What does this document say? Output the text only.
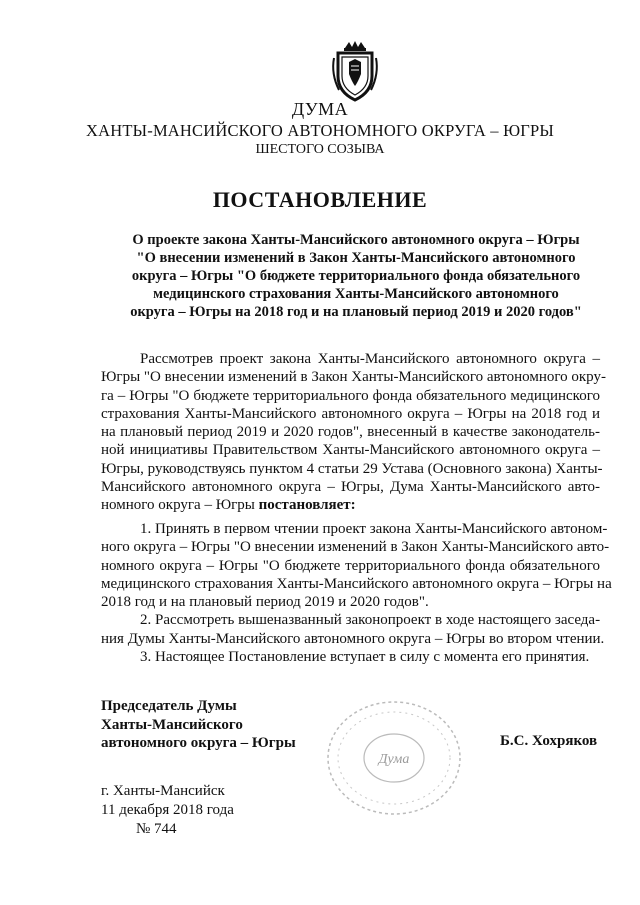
ДУМА
ХАНТЫ-МАНСИЙСКОГО АВТОНОМНОГО ОКРУГА – ЮГРЫ
ШЕСТОГО СОЗЫВА
ПОСТАНОВЛЕНИЕ
О проекте закона Ханты-Мансийского автономного округа – Югры
"О внесении изменений в Закон Ханты-Мансийского автономного
округа – Югры "О бюджете территориального фонда обязательного
медицинского страхования Ханты-Мансийского автономного
округа – Югры на 2018 год и на плановый период 2019 и 2020 годов"
Рассмотрев проект закона Ханты-Мансийского автономного округа –
Югры "О внесении изменений в Закон Ханты-Мансийского автономного окру-
га – Югры "О бюджете территориального фонда обязательного медицинского
страхования Ханты-Мансийского автономного округа – Югры на 2018 год и
на плановый период 2019 и 2020 годов", внесенный в качестве законодатель-
ной инициативы Правительством Ханты-Мансийского автономного округа –
Югры, руководствуясь пунктом 4 статьи 29 Устава (Основного закона) Ханты-
Мансийского автономного округа – Югры, Дума Ханты-Мансийского авто-
номного округа – Югры постановляет:
1. Принять в первом чтении проект закона Ханты-Мансийского автоном-
ного округа – Югры "О внесении изменений в Закон Ханты-Мансийского авто-
номного округа – Югры "О бюджете территориального фонда обязательного
медицинского страхования Ханты-Мансийского автономного округа – Югры на
2018 год и на плановый период 2019 и 2020 годов".
2. Рассмотреть вышеназванный законопроект в ходе настоящего заседа-
ния Думы Ханты-Мансийского автономного округа – Югры во втором чтении.
3. Настоящее Постановление вступает в силу с момента его принятия.
Председатель Думы
Ханты-Мансийского
автономного округа – Югры
Дума
Б.С. Хохряков
г. Ханты-Мансийск
11 декабря 2018 года
№ 744
